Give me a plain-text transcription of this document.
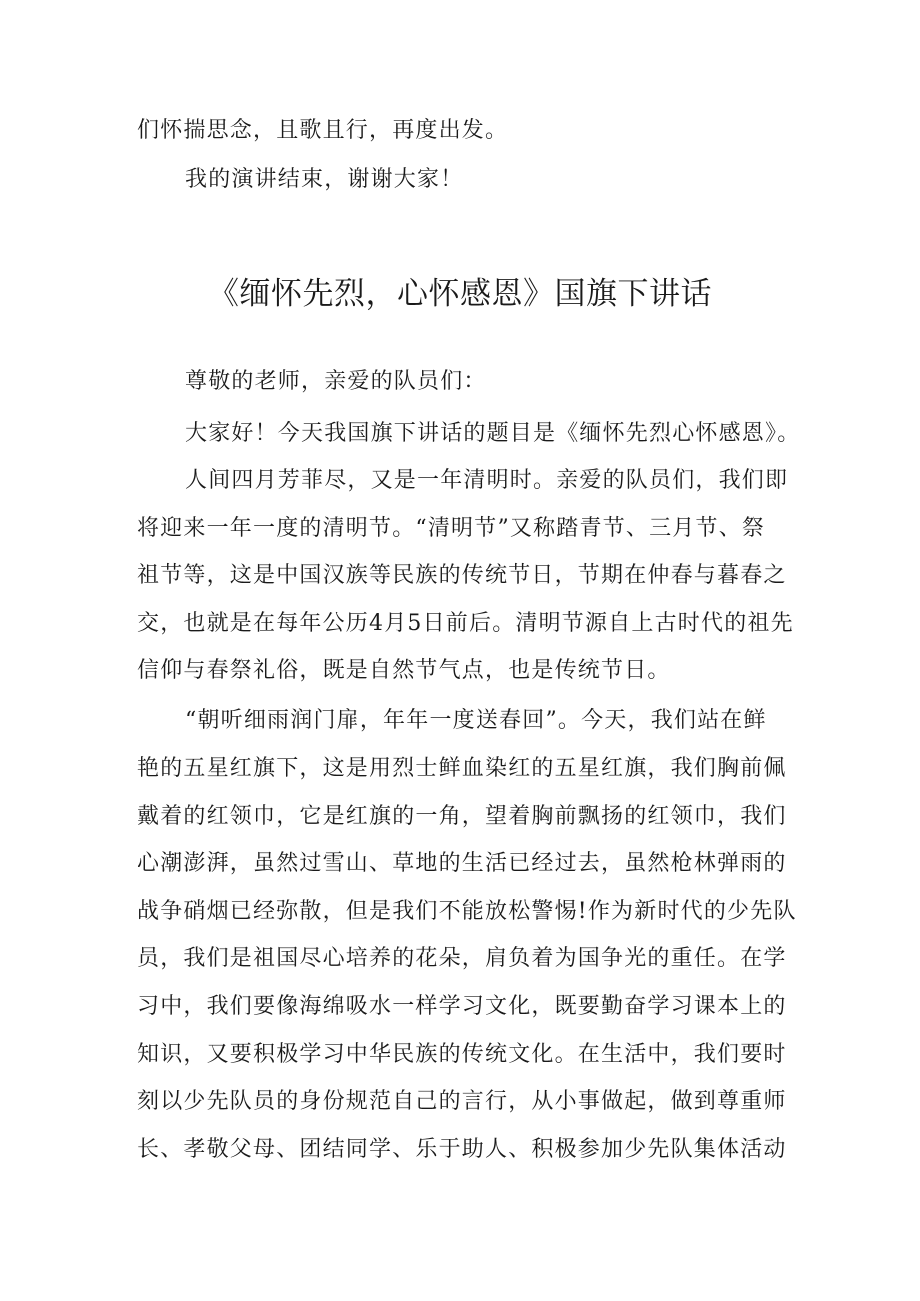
们怀揣思念，且歌且行，再度出发。
我的演讲结束，谢谢大家！
《缅怀先烈，心怀感恩》国旗下讲话
尊敬的老师，亲爱的队员们：
大家好！今天我国旗下讲话的题目是《缅怀先烈心怀感恩》。
人间四月芳菲尽，又是一年清明时。亲爱的队员们，我们即
将迎来一年一度的清明节。“清明节”又称踏青节、三月节、祭
祖节等，这是中国汉族等民族的传统节日，节期在仲春与暮春之
交，也就是在每年公历4月5日前后。清明节源自上古时代的祖先
信仰与春祭礼俗，既是自然节气点，也是传统节日。
“朝听细雨润门扉，年年一度送春回”。今天，我们站在鲜
艳的五星红旗下，这是用烈士鲜血染红的五星红旗，我们胸前佩
戴着的红领巾，它是红旗的一角，望着胸前飘扬的红领巾，我们
心潮澎湃，虽然过雪山、草地的生活已经过去，虽然枪林弹雨的
战争硝烟已经弥散，但是我们不能放松警惕!作为新时代的少先队
员，我们是祖国尽心培养的花朵，肩负着为国争光的重任。在学
习中，我们要像海绵吸水一样学习文化，既要勤奋学习课本上的
知识，又要积极学习中华民族的传统文化。在生活中，我们要时
刻以少先队员的身份规范自己的言行，从小事做起，做到尊重师
长、孝敬父母、团结同学、乐于助人、积极参加少先队集体活动
